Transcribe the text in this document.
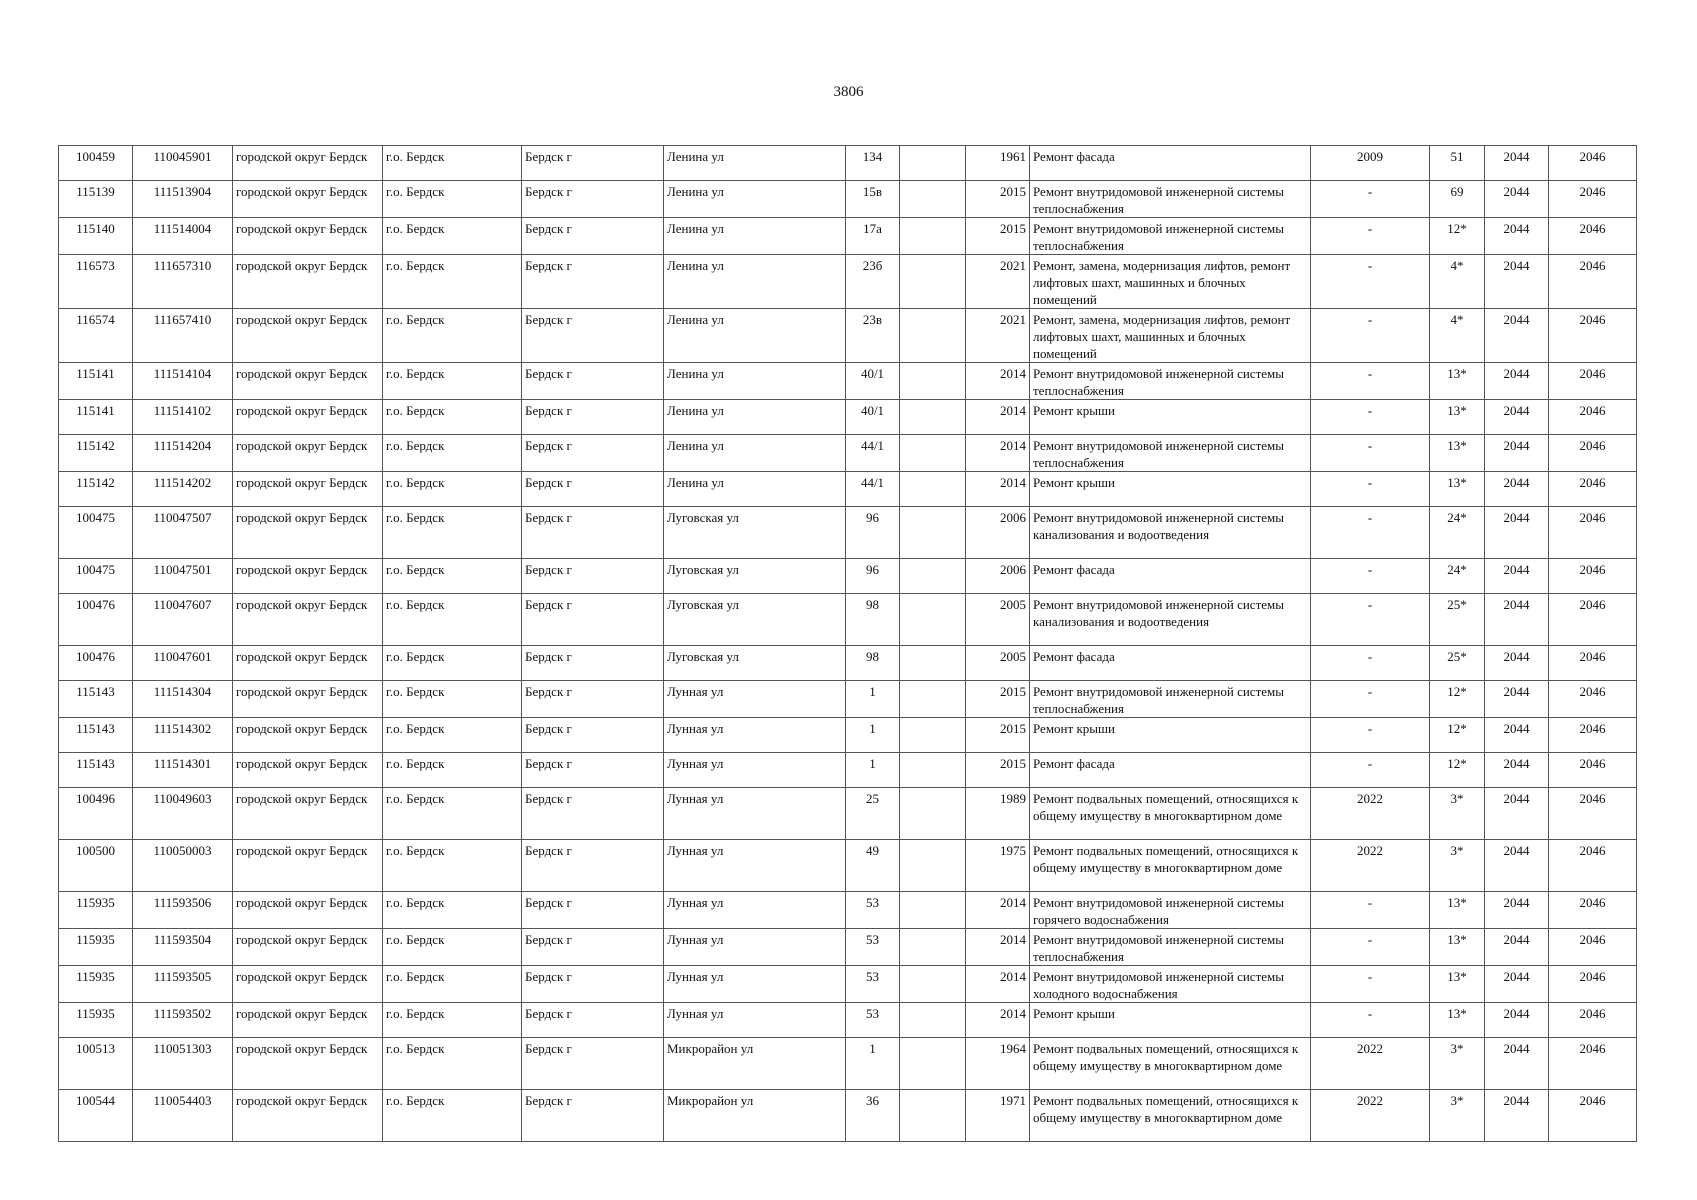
3806
100459	110045901	городской округ Бердск	г.о. Бердск	Бердск г	Ленина ул	134		1961	Ремонт фасада	2009	51	2044	2046
115139	111513904	городской округ Бердск	г.о. Бердск	Бердск г	Ленина ул	15в		2015	Ремонт внутридомовой инженерной системы теплоснабжения	-	69	2044	2046
115140	111514004	городской округ Бердск	г.о. Бердск	Бердск г	Ленина ул	17а		2015	Ремонт внутридомовой инженерной системы теплоснабжения	-	12*	2044	2046
116573	111657310	городской округ Бердск	г.о. Бердск	Бердск г	Ленина ул	23б		2021	Ремонт, замена, модернизация лифтов, ремонт лифтовых шахт, машинных и блочных помещений	-	4*	2044	2046
116574	111657410	городской округ Бердск	г.о. Бердск	Бердск г	Ленина ул	23в		2021	Ремонт, замена, модернизация лифтов, ремонт лифтовых шахт, машинных и блочных помещений	-	4*	2044	2046
115141	111514104	городской округ Бердск	г.о. Бердск	Бердск г	Ленина ул	40/1		2014	Ремонт внутридомовой инженерной системы теплоснабжения	-	13*	2044	2046
115141	111514102	городской округ Бердск	г.о. Бердск	Бердск г	Ленина ул	40/1		2014	Ремонт крыши	-	13*	2044	2046
115142	111514204	городской округ Бердск	г.о. Бердск	Бердск г	Ленина ул	44/1		2014	Ремонт внутридомовой инженерной системы теплоснабжения	-	13*	2044	2046
115142	111514202	городской округ Бердск	г.о. Бердск	Бердск г	Ленина ул	44/1		2014	Ремонт крыши	-	13*	2044	2046
100475	110047507	городской округ Бердск	г.о. Бердск	Бердск г	Луговская ул	96		2006	Ремонт внутридомовой инженерной системы канализования и водоотведения	-	24*	2044	2046
100475	110047501	городской округ Бердск	г.о. Бердск	Бердск г	Луговская ул	96		2006	Ремонт фасада	-	24*	2044	2046
100476	110047607	городской округ Бердск	г.о. Бердск	Бердск г	Луговская ул	98		2005	Ремонт внутридомовой инженерной системы канализования и водоотведения	-	25*	2044	2046
100476	110047601	городской округ Бердск	г.о. Бердск	Бердск г	Луговская ул	98		2005	Ремонт фасада	-	25*	2044	2046
115143	111514304	городской округ Бердск	г.о. Бердск	Бердск г	Лунная ул	1		2015	Ремонт внутридомовой инженерной системы теплоснабжения	-	12*	2044	2046
115143	111514302	городской округ Бердск	г.о. Бердск	Бердск г	Лунная ул	1		2015	Ремонт крыши	-	12*	2044	2046
115143	111514301	городской округ Бердск	г.о. Бердск	Бердск г	Лунная ул	1		2015	Ремонт фасада	-	12*	2044	2046
100496	110049603	городской округ Бердск	г.о. Бердск	Бердск г	Лунная ул	25		1989	Ремонт подвальных помещений, относящихся к общему имуществу в многоквартирном доме	2022	3*	2044	2046
100500	110050003	городской округ Бердск	г.о. Бердск	Бердск г	Лунная ул	49		1975	Ремонт подвальных помещений, относящихся к общему имуществу в многоквартирном доме	2022	3*	2044	2046
115935	111593506	городской округ Бердск	г.о. Бердск	Бердск г	Лунная ул	53		2014	Ремонт внутридомовой инженерной системы горячего водоснабжения	-	13*	2044	2046
115935	111593504	городской округ Бердск	г.о. Бердск	Бердск г	Лунная ул	53		2014	Ремонт внутридомовой инженерной системы теплоснабжения	-	13*	2044	2046
115935	111593505	городской округ Бердск	г.о. Бердск	Бердск г	Лунная ул	53		2014	Ремонт внутридомовой инженерной системы холодного водоснабжения	-	13*	2044	2046
115935	111593502	городской округ Бердск	г.о. Бердск	Бердск г	Лунная ул	53		2014	Ремонт крыши	-	13*	2044	2046
100513	110051303	городской округ Бердск	г.о. Бердск	Бердск г	Микрорайон ул	1		1964	Ремонт подвальных помещений, относящихся к общему имуществу в многоквартирном доме	2022	3*	2044	2046
100544	110054403	городской округ Бердск	г.о. Бердск	Бердск г	Микрорайон ул	36		1971	Ремонт подвальных помещений, относящихся к общему имуществу в многоквартирном доме	2022	3*	2044	2046
